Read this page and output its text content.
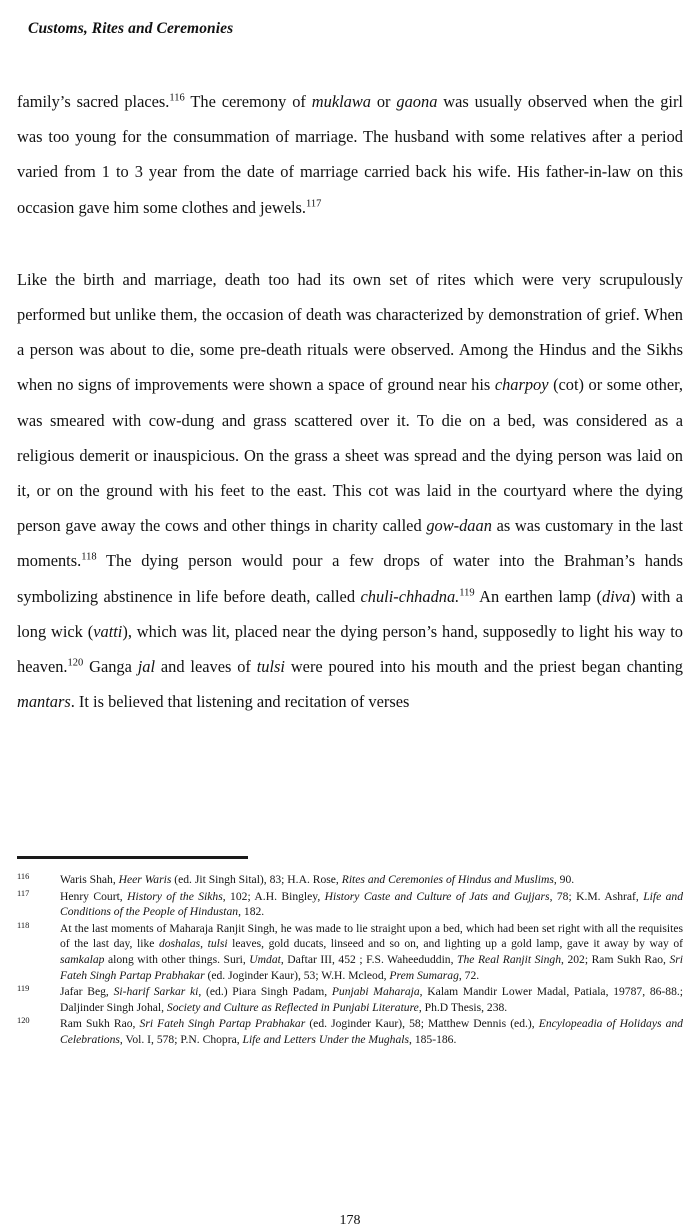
Customs, Rites and Ceremonies

family’s sacred places.$^{116}$ The ceremony of muklawa or gaona was usually observed when the girl was too young for the consummation of marriage. The husband with some relatives after a period varied from 1 to 3 year from the date of marriage carried back his wife. His father-in-law on this occasion gave him some clothes and jewels.$^{117}$

Like the birth and marriage, death too had its own set of rites which were very scrupulously performed but unlike them, the occasion of death was characterized by demonstration of grief. When a person was about to die, some pre-death rituals were observed. Among the Hindus and the Sikhs when no signs of improvements were shown a space of ground near his charpoy (cot) or some other, was smeared with cow-dung and grass scattered over it. To die on a bed, was considered as a religious demerit or inauspicious. On the grass a sheet was spread and the dying person was laid on it, or on the ground with his feet to the east. This cot was laid in the courtyard where the dying person gave away the cows and other things in charity called gow-daan as was customary in the last moments.$^{118}$ The dying person would pour a few drops of water into the Brahman’s hands symbolizing abstinence in life before death, called chuli-chhadna.$^{119}$ An earthen lamp (diva) with a long wick (vatti), which was lit, placed near the dying person’s hand, supposedly to light his way to heaven.$^{120}$ Ganga jal and leaves of tulsi were poured into his mouth and the priest began chanting mantars. It is believed that listening and recitation of verses

116	Waris Shah, Heer Waris (ed. Jit Singh Sital), 83; H.A. Rose, Rites and Ceremonies of Hindus and Muslims, 90.
117	Henry Court, History of the Sikhs, 102; A.H. Bingley, History Caste and Culture of Jats and Gujjars, 78; K.M. Ashraf, Life and Conditions of the People of Hindustan, 182.
118	At the last moments of Maharaja Ranjit Singh, he was made to lie straight upon a bed, which had been set right with all the requisites of the last day, like doshalas, tulsi leaves, gold ducats, linseed and so on, and lighting up a gold lamp, gave it away by way of samkalap along with other things. Suri, Umdat, Daftar III, 452 ; F.S. Waheeduddin, The Real Ranjit Singh, 202; Ram Sukh Rao, Sri Fateh Singh Partap Prabhakar (ed. Joginder Kaur), 53; W.H. Mcleod, Prem Sumarag, 72.
119	Jafar Beg, Si-harif Sarkar ki, (ed.) Piara Singh Padam, Punjabi Maharaja, Kalam Mandir Lower Madal, Patiala, 19787, 86-88.; Daljinder Singh Johal, Society and Culture as Reflected in Punjabi Literature, Ph.D Thesis, 238.
120	Ram Sukh Rao, Sri Fateh Singh Partap Prabhakar (ed. Joginder Kaur), 58; Matthew Dennis (ed.), Encylopeadia of Holidays and Celebrations, Vol. I, 578; P.N. Chopra, Life and Letters Under the Mughals, 185-186.
178
